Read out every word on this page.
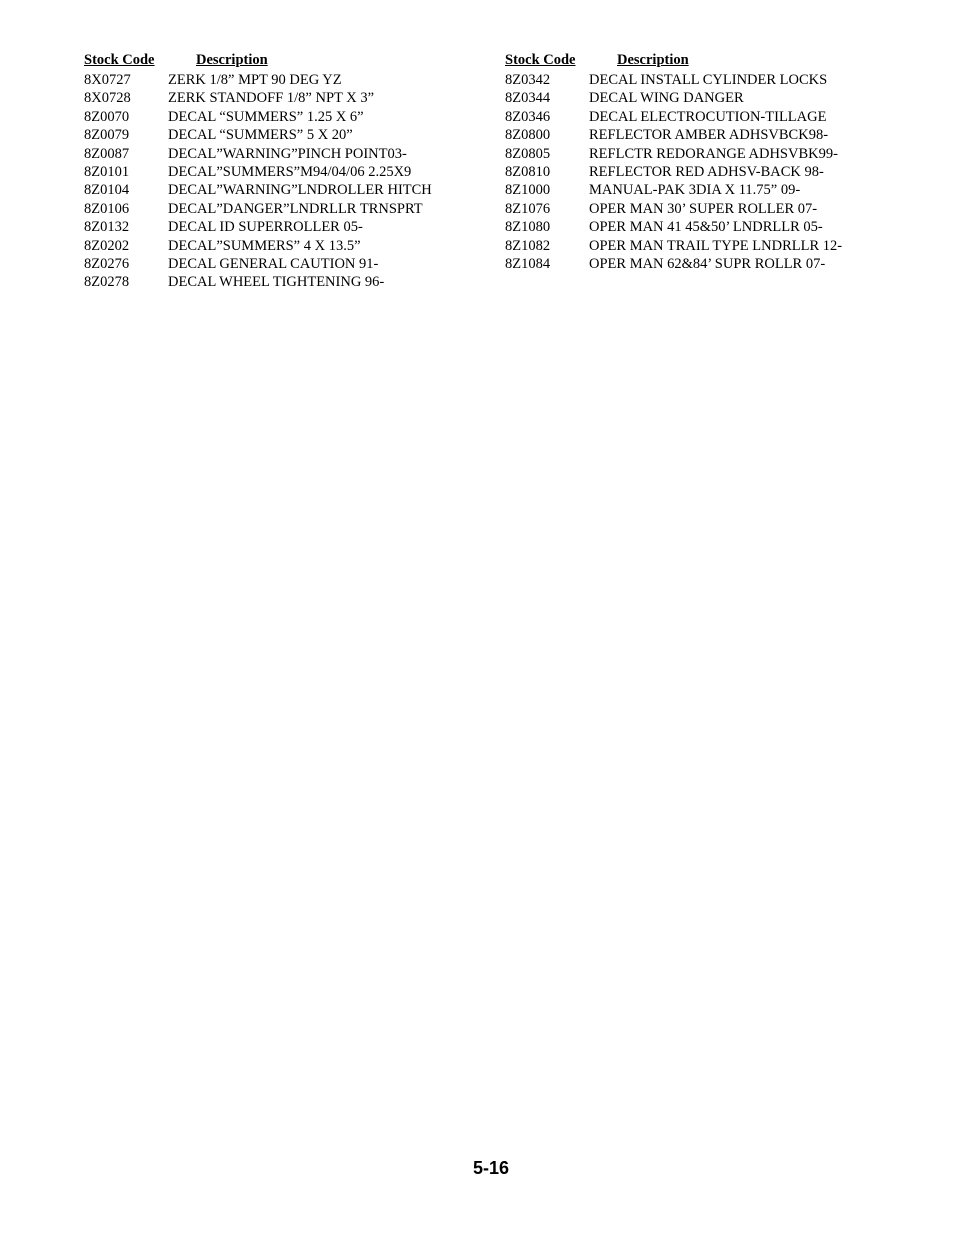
Stock Code	Description
8X0727	ZERK 1/8” MPT 90 DEG YZ
8X0728	ZERK STANDOFF 1/8” NPT X 3”
8Z0070	DECAL “SUMMERS” 1.25 X 6”
8Z0079	DECAL “SUMMERS” 5 X 20”
8Z0087	DECAL”WARNING”PINCH POINT03-
8Z0101	DECAL”SUMMERS”M94/04/06 2.25X9
8Z0104	DECAL”WARNING”LNDROLLER HITCH
8Z0106	DECAL”DANGER”LNDRLLR TRNSPRT
8Z0132	DECAL ID SUPERROLLER 05-
8Z0202	DECAL”SUMMERS” 4 X 13.5”
8Z0276	DECAL GENERAL CAUTION 91-
8Z0278	DECAL WHEEL TIGHTENING 96-
Stock Code	Description
8Z0342	DECAL INSTALL CYLINDER LOCKS
8Z0344	DECAL WING DANGER
8Z0346	DECAL ELECTROCUTION-TILLAGE
8Z0800	REFLECTOR AMBER ADHSVBCK98-
8Z0805	REFLCTR REDORANGE ADHSVBK99-
8Z0810	REFLECTOR RED ADHSV-BACK 98-
8Z1000	MANUAL-PAK 3DIA X 11.75” 09-
8Z1076	OPER MAN 30’ SUPER ROLLER 07-
8Z1080	OPER MAN 41 45&50’ LNDRLLR 05-
8Z1082	OPER MAN TRAIL TYPE LNDRLLR 12-
8Z1084	OPER MAN 62&84’ SUPR ROLLR 07-
5-16
